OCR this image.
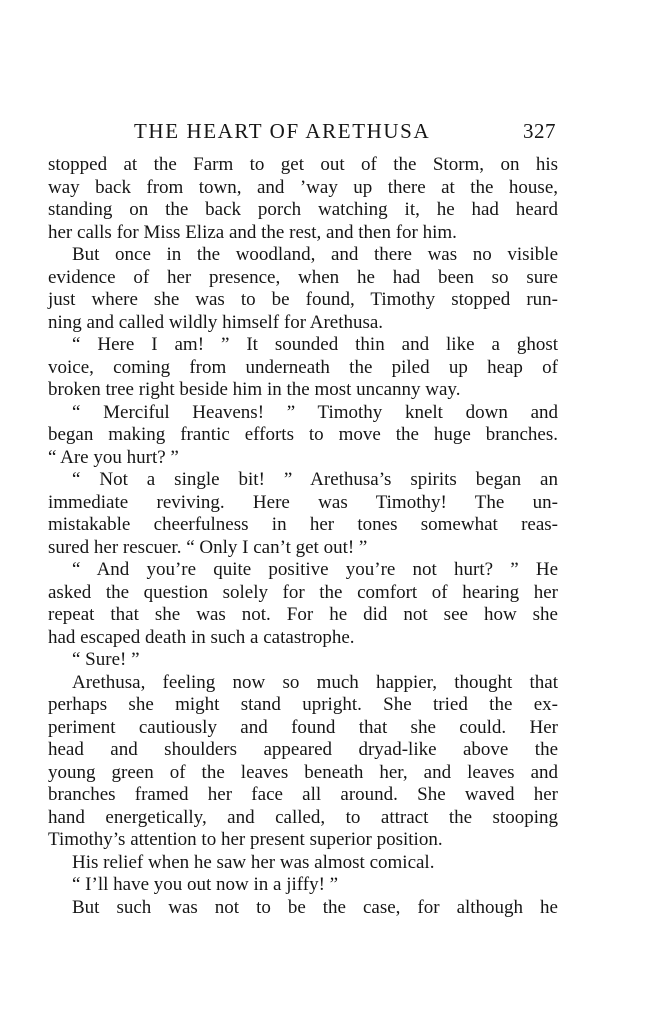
THE HEART OF ARETHUSA	327
stopped at the Farm to get out of the Storm, on his
way back from town, and ’way up there at the house,
standing on the back porch watching it, he had heard
her calls for Miss Eliza and the rest, and then for him.
But once in the woodland, and there was no visible
evidence of her presence, when he had been so sure
just where she was to be found, Timothy stopped run-
ning and called wildly himself for Arethusa.
“ Here I am! ” It sounded thin and like a ghost
voice, coming from underneath the piled up heap of
broken tree right beside him in the most uncanny way.
“ Merciful Heavens! ” Timothy knelt down and
began making frantic efforts to move the huge branches.
“ Are you hurt? ”
“ Not a single bit! ” Arethusa’s spirits began an
immediate reviving. Here was Timothy! The un-
mistakable cheerfulness in her tones somewhat reas-
sured her rescuer. “ Only I can’t get out! ”
“ And you’re quite positive you’re not hurt? ” He
asked the question solely for the comfort of hearing her
repeat that she was not. For he did not see how she
had escaped death in such a catastrophe.
“ Sure! ”
Arethusa, feeling now so much happier, thought that
perhaps she might stand upright. She tried the ex-
periment cautiously and found that she could. Her
head and shoulders appeared dryad-like above the
young green of the leaves beneath her, and leaves and
branches framed her face all around. She waved her
hand energetically, and called, to attract the stooping
Timothy’s attention to her present superior position.
His relief when he saw her was almost comical.
“ I’ll have you out now in a jiffy! ”
But such was not to be the case, for although he
